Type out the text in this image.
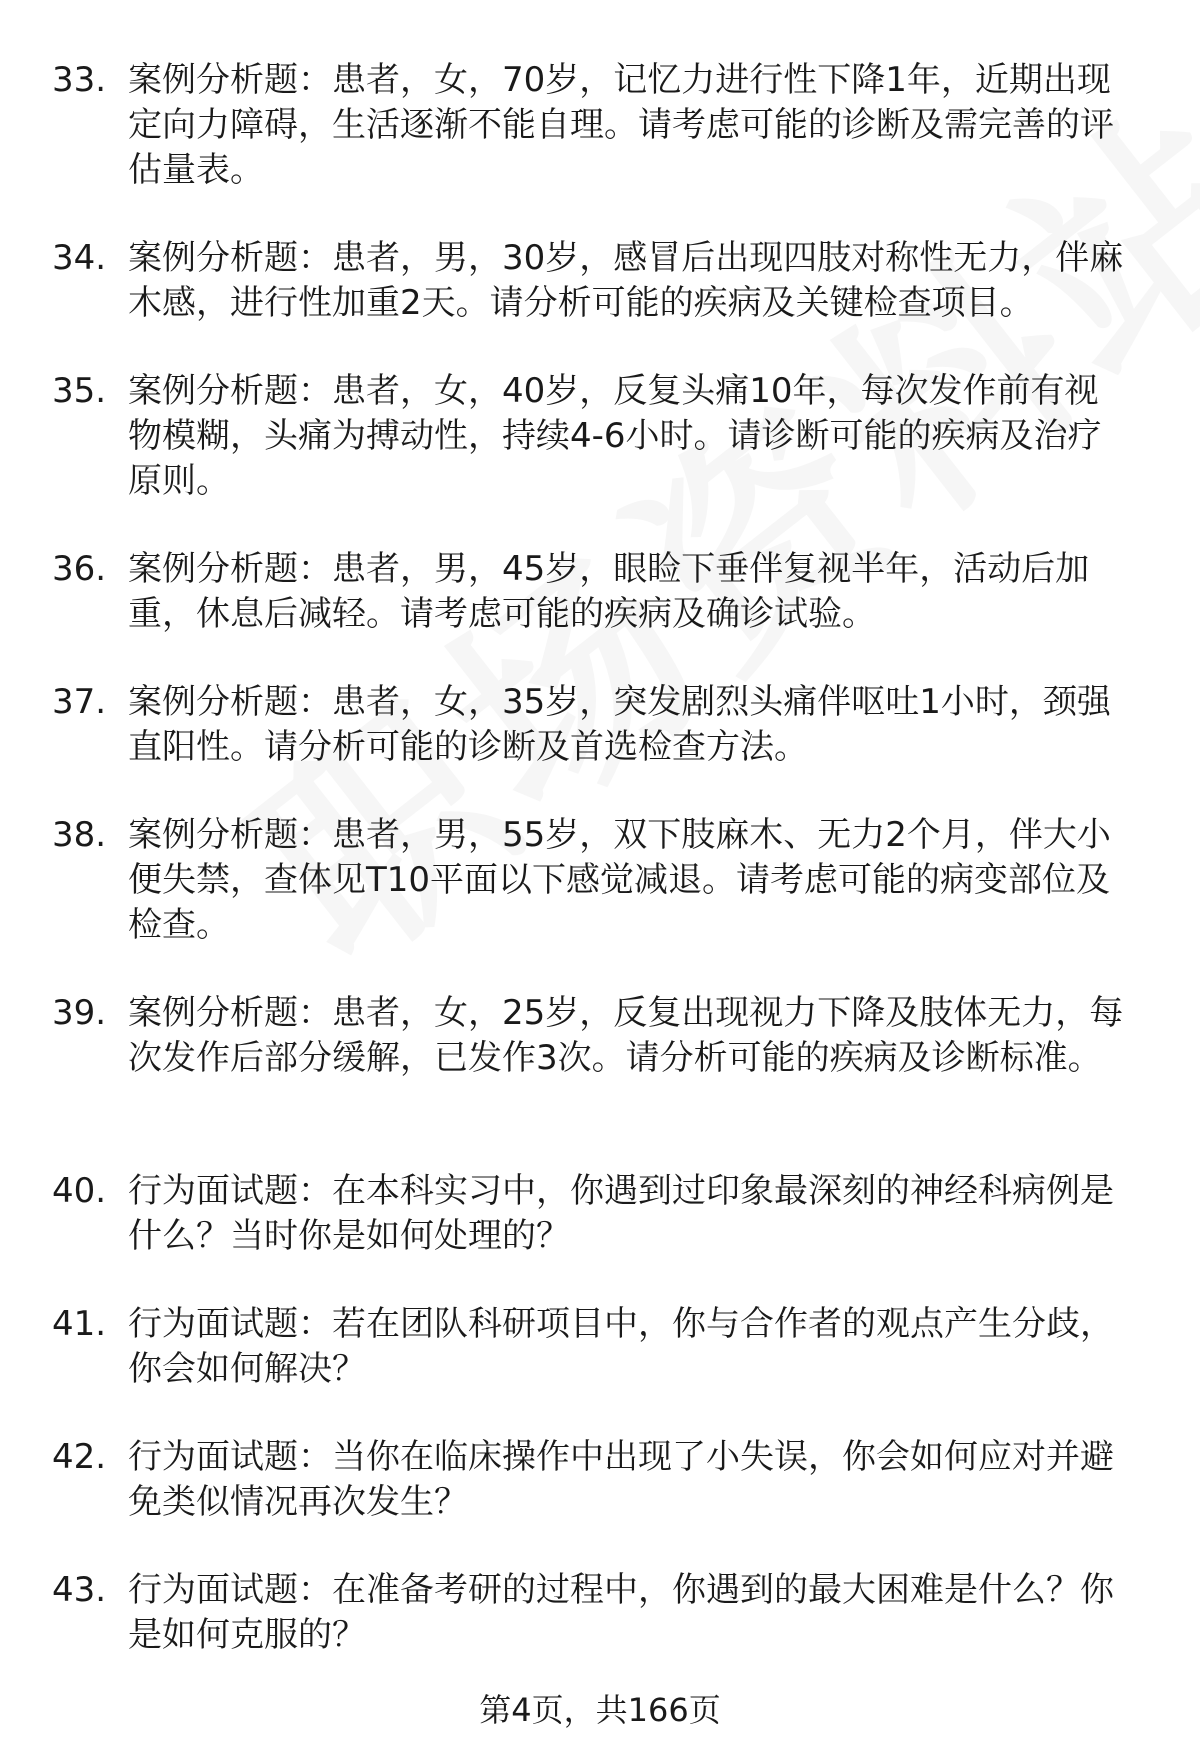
33. 案例分析题：患者，女，70岁，记忆力进行性下降1年，近期出现定向力障碍，生活逐渐不能自理。请考虑可能的诊断及需完善的评估量表。
34. 案例分析题：患者，男，30岁，感冒后出现四肢对称性无力，伴麻木感，进行性加重2天。请分析可能的疾病及关键检查项目。
35. 案例分析题：患者，女，40岁，反复头痛10年，每次发作前有视物模糊，头痛为搏动性，持续4-6小时。请诊断可能的疾病及治疗原则。
36. 案例分析题：患者，男，45岁，眼睑下垂伴复视半年，活动后加重，休息后减轻。请考虑可能的疾病及确诊试验。
37. 案例分析题：患者，女，35岁，突发剧烈头痛伴呕吐1小时，颈强直阳性。请分析可能的诊断及首选检查方法。
38. 案例分析题：患者，男，55岁，双下肢麻木、无力2个月，伴大小便失禁，查体见T10平面以下感觉减退。请考虑可能的病变部位及检查。
39. 案例分析题：患者，女，25岁，反复出现视力下降及肢体无力，每次发作后部分缓解，已发作3次。请分析可能的疾病及诊断标准。
40. 行为面试题：在本科实习中，你遇到过印象最深刻的神经科病例是什么？当时你是如何处理的？
41. 行为面试题：若在团队科研项目中，你与合作者的观点产生分歧，你会如何解决？
42. 行为面试题：当你在临床操作中出现了小失误，你会如何应对并避免类似情况再次发生？
43. 行为面试题：在准备考研的过程中，你遇到的最大困难是什么？你是如何克服的？
第4页，共166页
